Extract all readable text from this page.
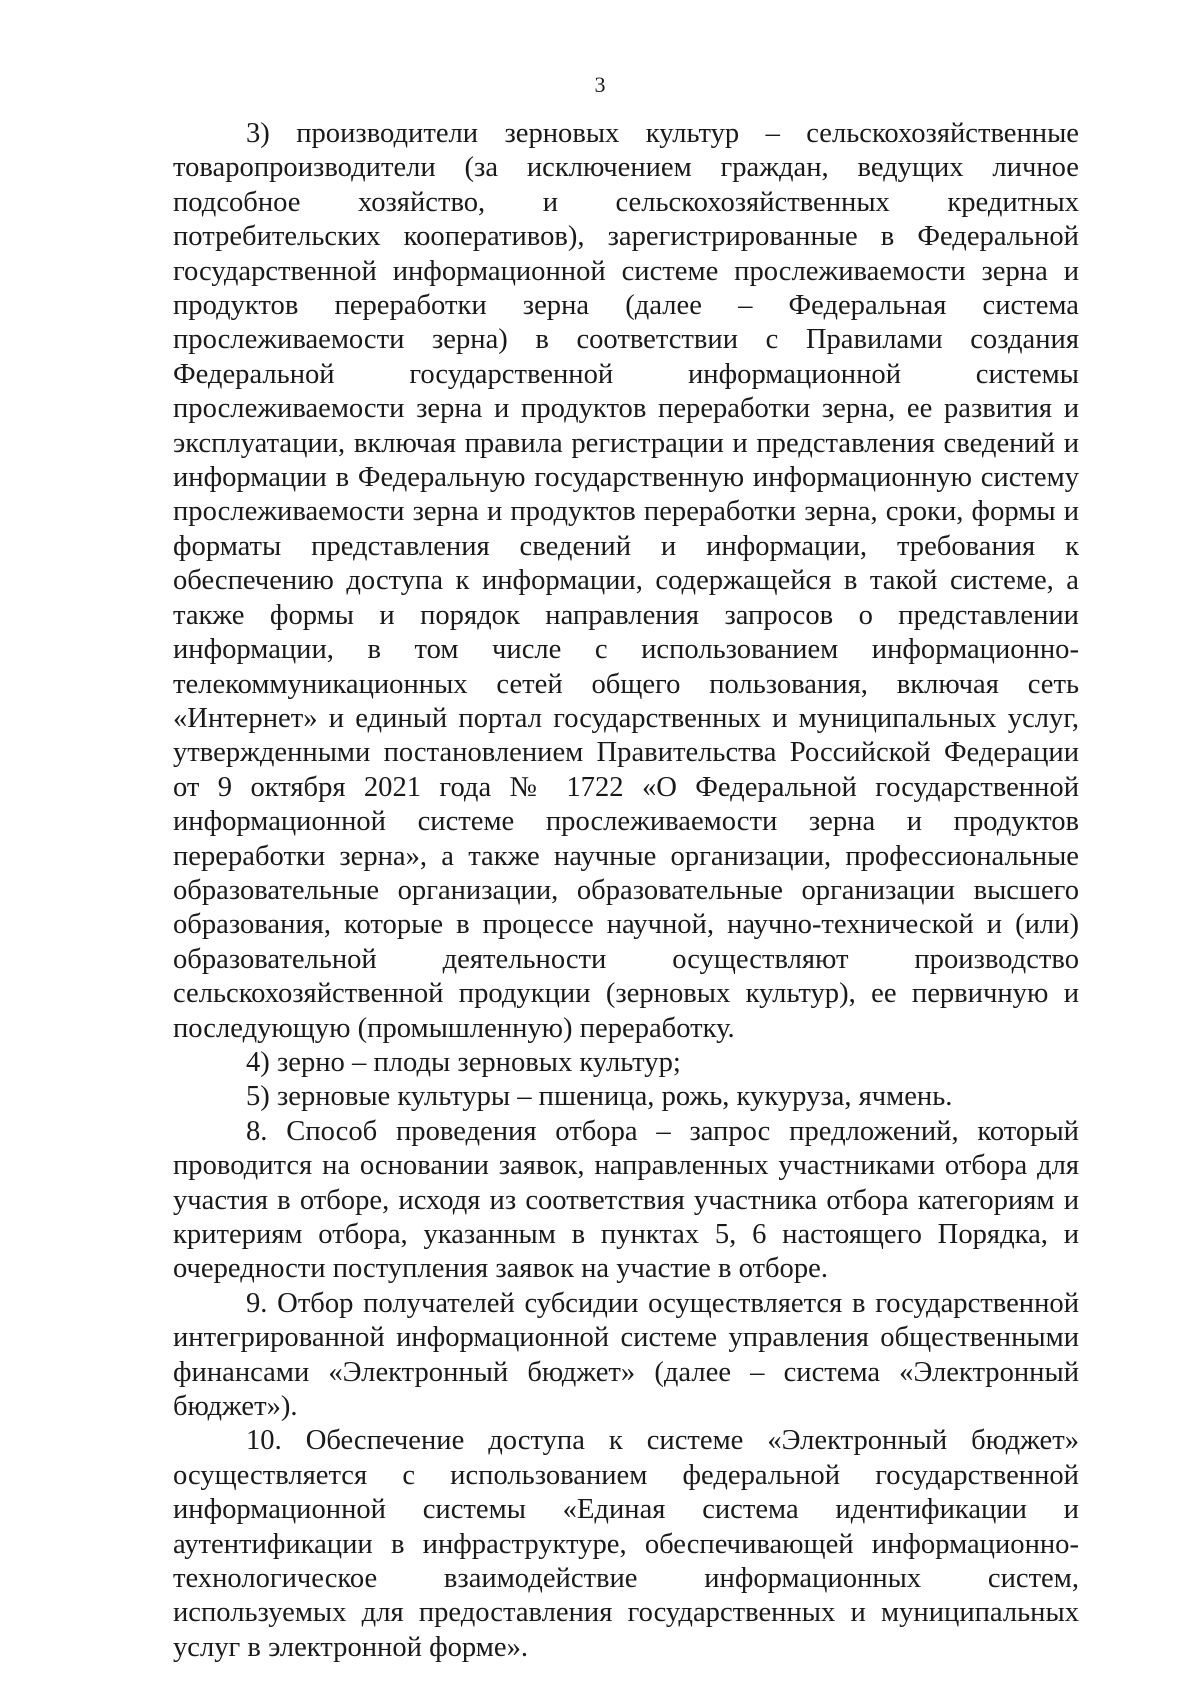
3

3) производители зерновых культур – сельскохозяйственные товаропроизводители (за исключением граждан, ведущих личное подсобное хозяйство, и сельскохозяйственных кредитных потребительских кооперативов), зарегистрированные в Федеральной государственной информационной системе прослеживаемости зерна и продуктов переработки зерна (далее – Федеральная система прослеживаемости зерна) в соответствии с Правилами создания Федеральной государственной информационной системы прослеживаемости зерна и продуктов переработки зерна, ее развития и эксплуатации, включая правила регистрации и представления сведений и информации в Федеральную государственную информационную систему прослеживаемости зерна и продуктов переработки зерна, сроки, формы и форматы представления сведений и информации, требования к обеспечению доступа к информации, содержащейся в такой системе, а также формы и порядок направления запросов о представлении информации, в том числе с использованием информационно-телекоммуникационных сетей общего пользования, включая сеть «Интернет» и единый портал государственных и муниципальных услуг, утвержденными постановлением Правительства Российской Федерации от 9 октября 2021 года № 1722 «О Федеральной государственной информационной системе прослеживаемости зерна и продуктов переработки зерна», а также научные организации, профессиональные образовательные организации, образовательные организации высшего образования, которые в процессе научной, научно-технической и (или) образовательной деятельности осуществляют производство сельскохозяйственной продукции (зерновых культур), ее первичную и последующую (промышленную) переработку.

4) зерно – плоды зерновых культур;

5) зерновые культуры – пшеница, рожь, кукуруза, ячмень.

8. Способ проведения отбора – запрос предложений, который проводится на основании заявок, направленных участниками отбора для участия в отборе, исходя из соответствия участника отбора категориям и критериям отбора, указанным в пунктах 5, 6 настоящего Порядка, и очередности поступления заявок на участие в отборе.

9. Отбор получателей субсидии осуществляется в государственной интегрированной информационной системе управления общественными финансами «Электронный бюджет» (далее – система «Электронный бюджет»).

10. Обеспечение доступа к системе «Электронный бюджет» осуществляется с использованием федеральной государственной информационной системы «Единая система идентификации и аутентификации в инфраструктуре, обеспечивающей информационно-технологическое взаимодействие информационных систем, используемых для предоставления государственных и муниципальных услуг в электронной форме».
